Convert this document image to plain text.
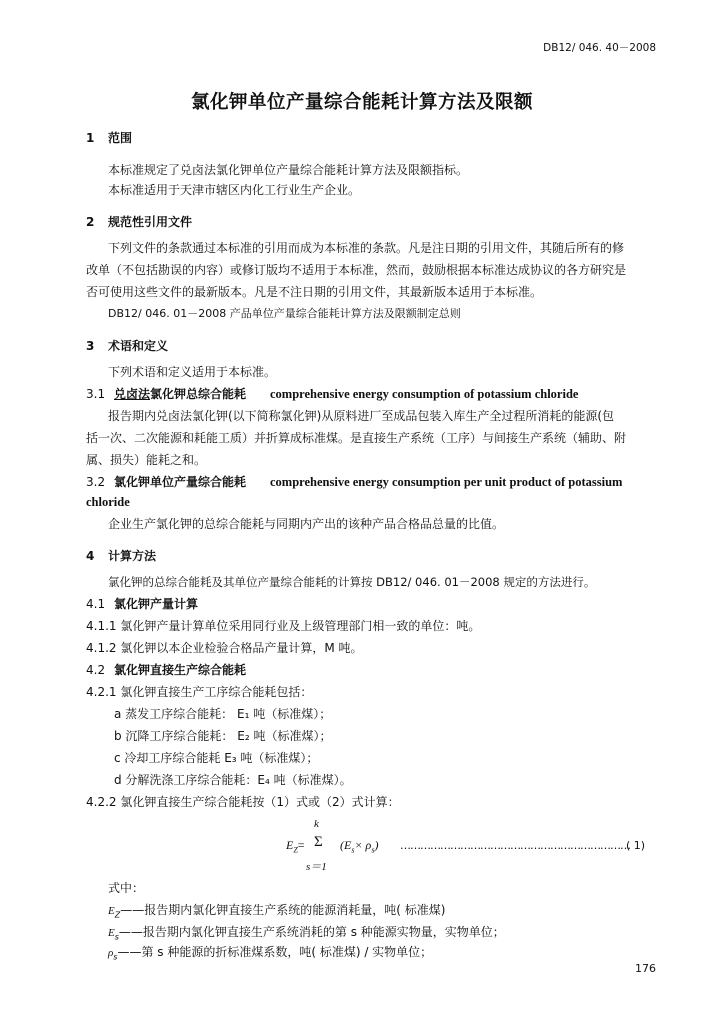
DB12/ 046. 40－2008
氯化钾单位产量综合能耗计算方法及限额
1 范围
本标准规定了兑卤法氯化钾单位产量综合能耗计算方法及限额指标。
本标准适用于天津市辖区内化工行业生产企业。
2 规范性引用文件
下列文件的条款通过本标准的引用而成为本标准的条款。凡是注日期的引用文件，其随后所有的修
改单（不包括勘误的内容）或修订版均不适用于本标准，然而，鼓励根据本标准达成协议的各方研究是
否可使用这些文件的最新版本。凡是不注日期的引用文件，其最新版本适用于本标准。
DB12/ 046. 01－2008 产品单位产量综合能耗计算方法及限额制定总则
3 术语和定义
下列术语和定义适用于本标准。
3.1 兑卤法氯化钾总综合能耗 comprehensive energy consumption of potassium chloride
报告期内兑卤法氯化钾(以下简称氯化钾)从原料进厂至成品包装入库生产全过程所消耗的能源(包
括一次、二次能源和耗能工质）并折算成标准煤。是直接生产系统（工序）与间接生产系统（辅助、附
属、损失）能耗之和。
3.2 氯化钾单位产量综合能耗 comprehensive energy consumption per unit product of potassium
chloride
企业生产氯化钾的总综合能耗与同期内产出的该种产品合格品总量的比值。
4 计算方法
氯化钾的总综合能耗及其单位产量综合能耗的计算按 DB12/ 046. 01－2008 规定的方法进行。
4.1 氯化钾产量计算
4.1.1 氯化钾产量计算单位采用同行业及上级管理部门相一致的单位：吨。
4.1.2 氯化钾以本企业检验合格品产量计算，M 吨。
4.2 氯化钾直接生产综合能耗
4.2.1 氯化钾直接生产工序综合能耗包括：
a 蒸发工序综合能耗： E₁ 吨（标准煤）；
b 沉降工序综合能耗： E₂ 吨（标准煤）；
c 冷却工序综合能耗 E₃ 吨（标准煤）；
d 分解洗涤工序综合能耗：E₄ 吨（标准煤）。
4.2.2 氯化钾直接生产综合能耗按（1）式或（2）式计算：
k
$E_Z= \Sigma$ $(E_s\times \rho_s)$ ……………………………………………………………
( 1)
s＝1
式中：
$E_Z——$报告期内氯化钾直接生产系统的能源消耗量，吨( 标准煤)
$E_s——$报告期内氯化钾直接生产系统消耗的第 s 种能源实物量，实物单位；
$\rho_s——$第 s 种能源的折标准煤系数，吨( 标准煤) / 实物单位；
176
